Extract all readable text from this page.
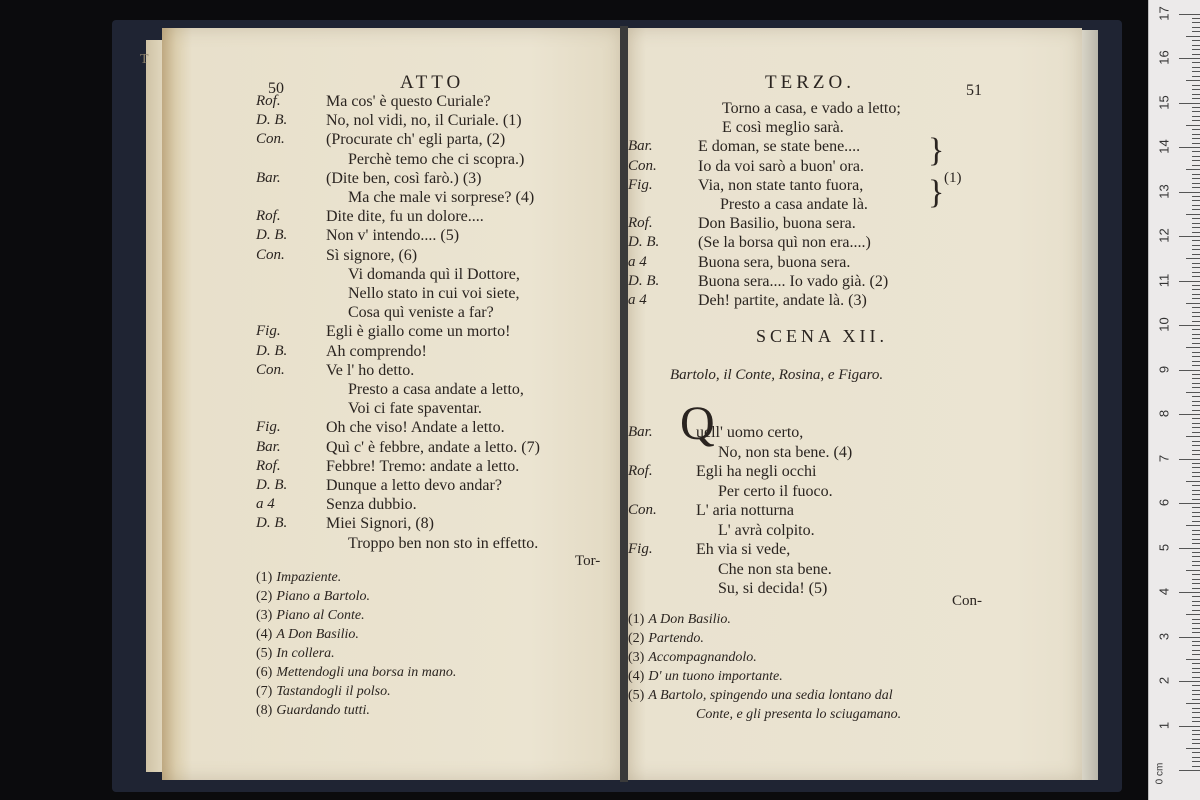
T
50	ATTO	TERZO.	51
Rof.	Ma cos' è questo Curiale?
D. B. No, nol vidi, no, il Curiale. (1)
Con.	(Procurate ch' egli parta, (2)
Perchè temo che ci scopra.)
Bar.	(Dite ben, così farò.) (3)
Ma che male vi sorprese? (4)
Rof.	Dite dite, fu un dolore....
D. B. Non v' intendo.... (5)
Con.	Sì signore, (6)
Vi domanda quì il Dottore,
Nello stato in cui voi siete,
Cosa quì veniste a far?
Fig.	Egli è giallo come un morto!
D. B. Ah comprendo!
Con.	Ve l' ho detto.
Presto a casa andate a letto,
Voi ci fate spaventar.
Fig.	Oh che viso! Andate a letto.
Bar.	Quì c' è febbre, andate a letto. (7)
Rof.	Febbre! Tremo: andate a letto.
D. B. Dunque a letto devo andar?
a 4	Senza dubbio.
D. B. Miei Signori, (8)
Troppo ben non sto in effetto.
Tor-
(1) Impaziente.
(2) Piano a Bartolo.
(3) Piano al Conte.
(4) A Don Basilio.
(5) In collera.
(6) Mettendogli una borsa in mano.
(7) Tastandogli il polso.
(8) Guardando tutti.
Torno a casa, e vado a letto;
E così meglio sarà.
Bar.	E doman, se state bene....
Con.	Io da voi sarò a buon' ora.
Fig.	Via, non state tanto fuora,
Presto a casa andate là.
Rof.	Don Basilio, buona sera.
D. B. (Se la borsa quì non era....)
a 4	Buona sera, buona sera.
D. B. Buona sera.... Io vado già. (2)
a 4	Deh! partite, andate là. (3)
}
} (1)
SCENA XII.
Bartolo, il Conte, Rosina, e Figaro.
Q
Bar.	uell' uomo certo,
No, non sta bene. (4)
Rof.	Egli ha negli occhi
Per certo il fuoco.
Con. L' aria notturna
L' avrà colpito.
Fig.	Eh via si vede,
Che non sta bene.
Su, si decida! (5)
Con-
(1) A Don Basilio.
(2) Partendo.
(3) Accompagnandolo.
(4) D' un tuono importante.
(5) A Bartolo, spingendo una sedia lontano dal
Conte, e gli presenta lo sciugamano.
0 cm
1
2
3
4
5
6
7
8
9
10
11
12
13
14
15
16
17
